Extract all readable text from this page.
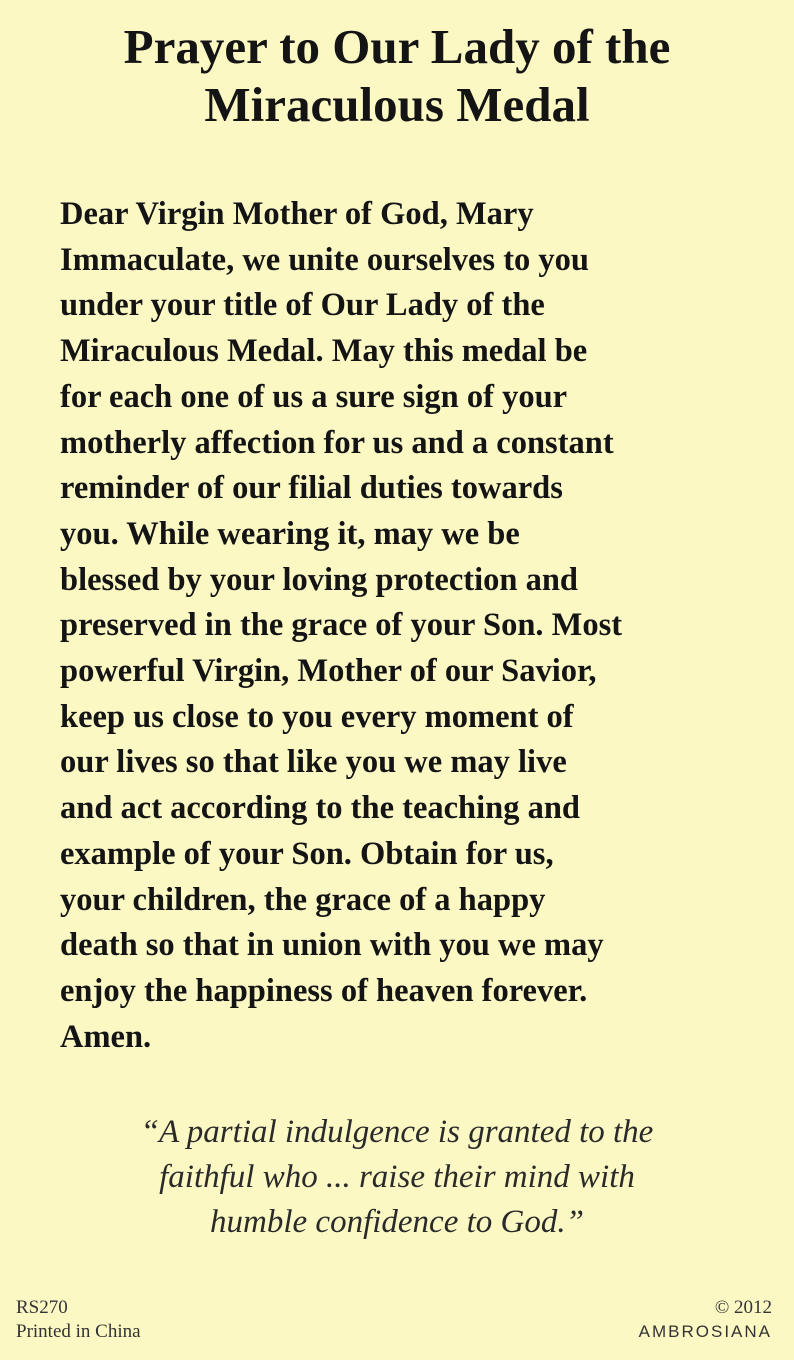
Prayer to Our Lady of the
Miraculous Medal
Dear Virgin Mother of God, Mary
Immaculate, we unite ourselves to you
under your title of Our Lady of the
Miraculous Medal. May this medal be
for each one of us a sure sign of your
motherly affection for us and a constant
reminder of our filial duties towards
you. While wearing it, may we be
blessed by your loving protection and
preserved in the grace of your Son. Most
powerful Virgin, Mother of our Savior,
keep us close to you every moment of
our lives so that like you we may live
and act according to the teaching and
example of your Son. Obtain for us,
your children, the grace of a happy
death so that in union with you we may
enjoy the happiness of heaven forever.
Amen.
“A partial indulgence is granted to the
faithful who ... raise their mind with
humble confidence to God.”
RS270
Printed in China
© 2012
AMBROSIANA
